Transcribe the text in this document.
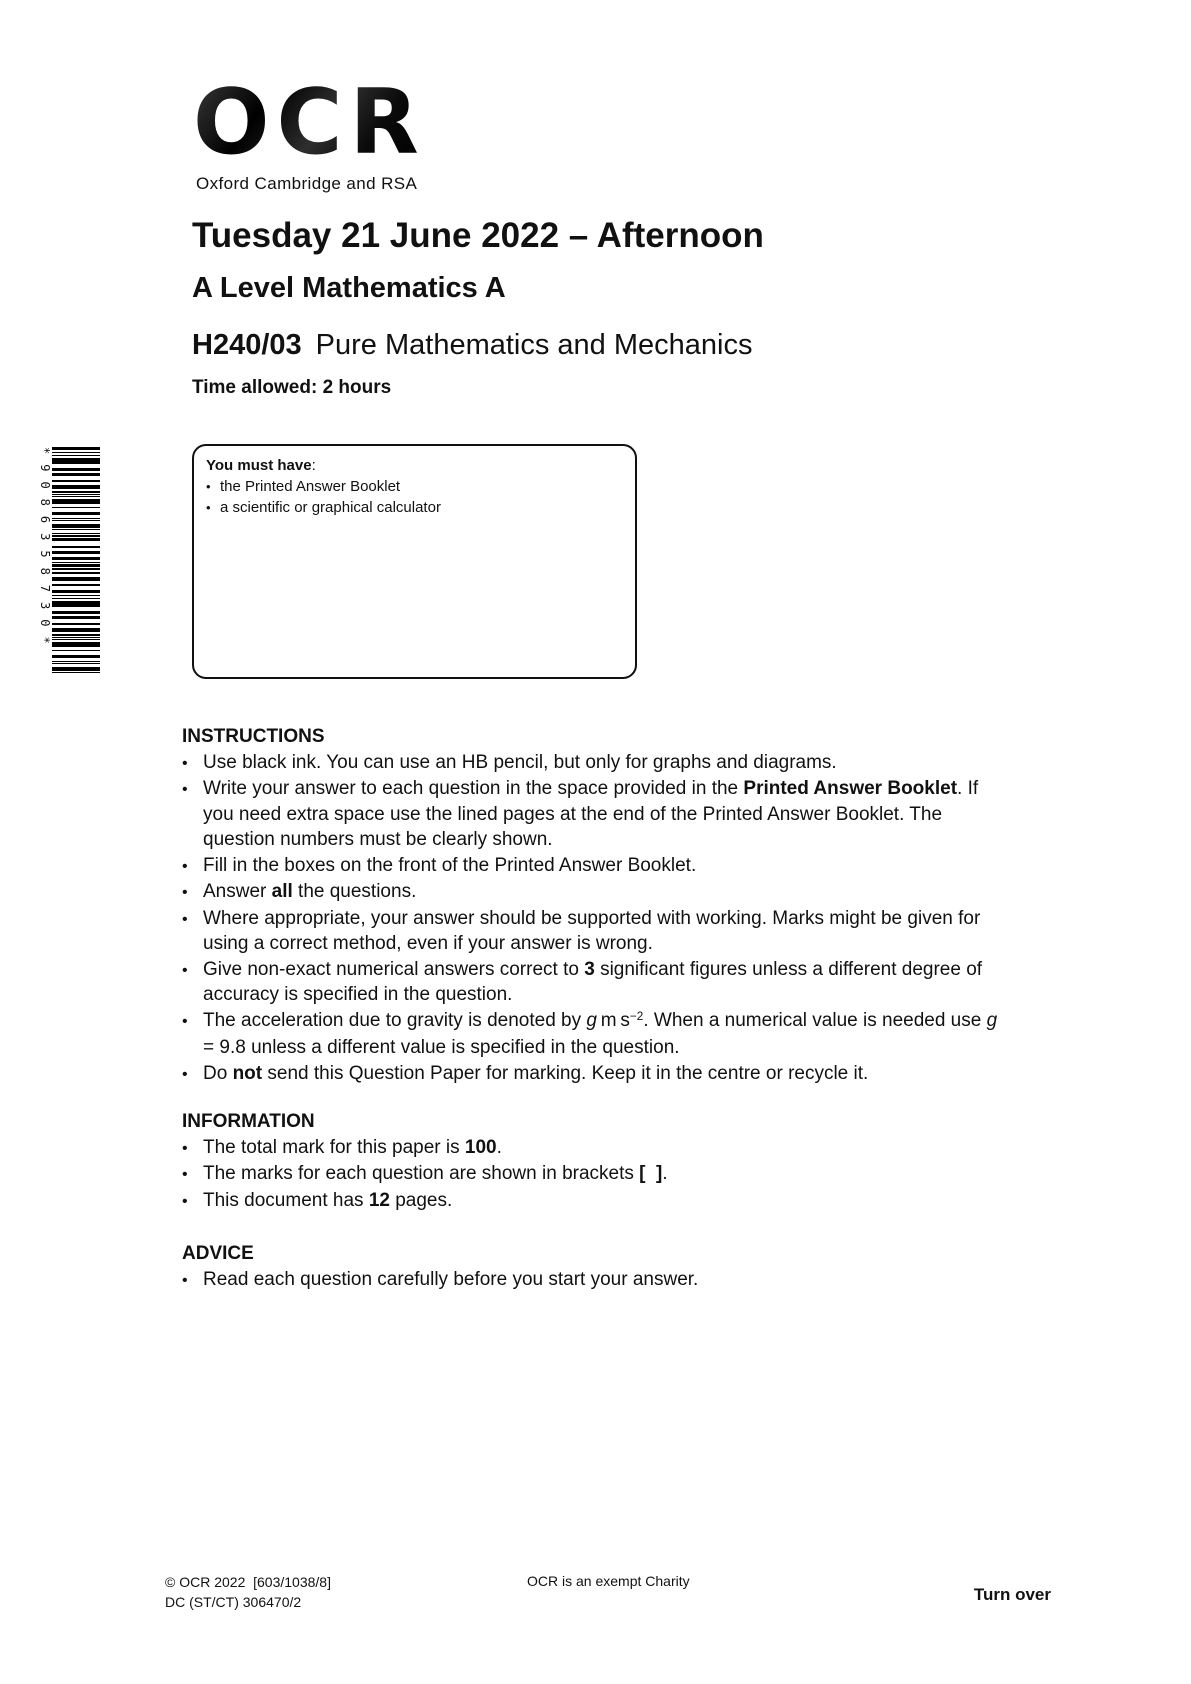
OCR
Oxford Cambridge and RSA
Tuesday 21 June 2022 – Afternoon
A Level Mathematics A
H240/03 Pure Mathematics and Mechanics
Time allowed: 2 hours
*9086358730*	You must have:
•
the Printed Answer Booklet
•
a scientific or graphical calculator
INSTRUCTIONS
•
Use black ink. You can use an HB pencil, but only for graphs and diagrams.
•
Write your answer to each question in the space provided in the Printed Answer Booklet. If you need extra space use the lined pages at the end of the Printed Answer Booklet. The question numbers must be clearly shown.
•
Fill in the boxes on the front of the Printed Answer Booklet.
•
Answer all the questions.
•
Where appropriate, your answer should be supported with working. Marks might be given for using a correct method, even if your answer is wrong.
•
Give non-exact numerical answers correct to 3 significant figures unless a different degree of accuracy is specified in the question.
•
The acceleration due to gravity is denoted by g m $s^{-2}$. When a numerical value is needed use g = 9.8 unless a different value is specified in the question.
•
Do not send this Question Paper for marking. Keep it in the centre or recycle it.
INFORMATION
•
The total mark for this paper is 100.
•
The marks for each question are shown in brackets [  ].
•
This document has 12 pages.
ADVICE
•
Read each question carefully before you start your answer.
© OCR 2022  [603/1038/8]
DC (ST/CT) 306470/2
OCR is an exempt Charity
Turn over
